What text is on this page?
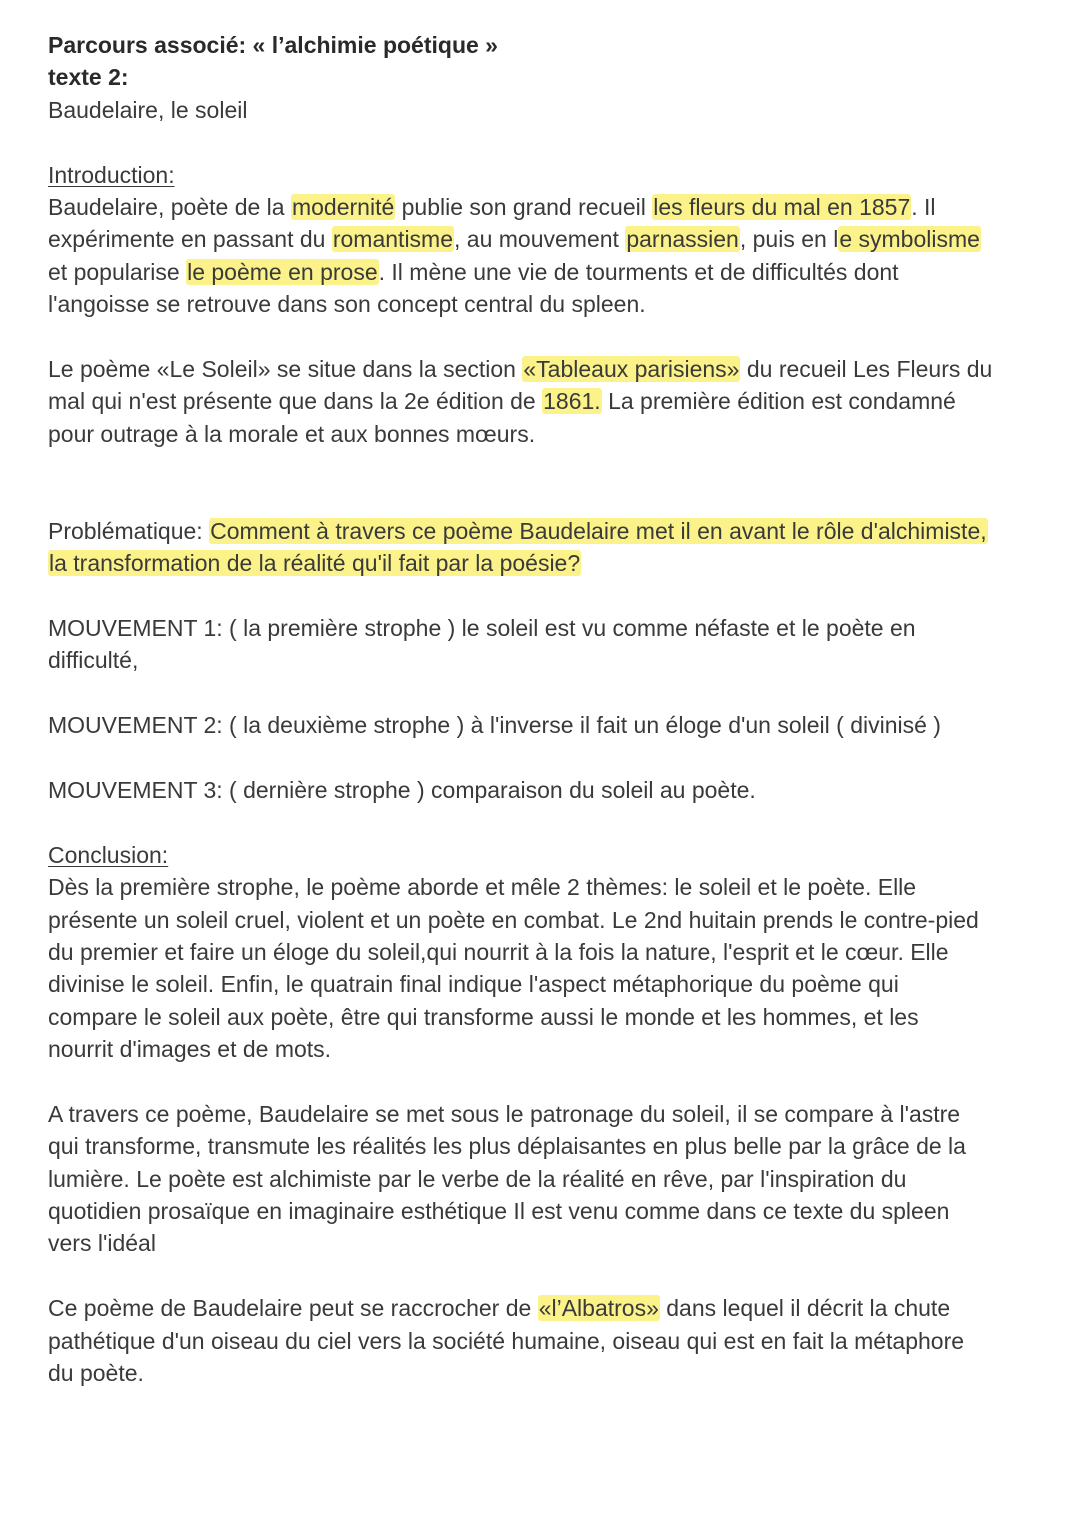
Parcours associé: « l’alchimie poétique »
texte 2:
Baudelaire, le soleil
Introduction:
Baudelaire, poète de la modernité publie son grand recueil les fleurs du mal en 1857. Il
expérimente en passant du romantisme, au mouvement parnassien, puis en le symbolisme
et popularise le poème en prose. Il mène une vie de tourments et de difficultés dont
l'angoisse se retrouve dans son concept central du spleen.
Le poème «Le Soleil» se situe dans la section «Tableaux parisiens» du recueil Les Fleurs du
mal qui n'est présente que dans la 2e édition de 1861. La première édition est condamné
pour outrage à la morale et aux bonnes mœurs.
Problématique: Comment à travers ce poème Baudelaire met il en avant le rôle d'alchimiste,
la transformation de la réalité qu'il fait par la poésie?
MOUVEMENT 1: ( la première strophe ) le soleil est vu comme néfaste et le poète en
difficulté,
MOUVEMENT 2: ( la deuxième strophe ) à l'inverse il fait un éloge d'un soleil ( divinisé )
MOUVEMENT 3: ( dernière strophe ) comparaison du soleil au poète.
Conclusion:
Dès la première strophe, le poème aborde et mêle 2 thèmes: le soleil et le poète. Elle
présente un soleil cruel, violent et un poète en combat. Le 2nd huitain prends le contre-pied
du premier et faire un éloge du soleil,qui nourrit à la fois la nature, l'esprit et le cœur. Elle
divinise le soleil. Enfin, le quatrain final indique l'aspect métaphorique du poème qui
compare le soleil aux poète, être qui transforme aussi le monde et les hommes, et les
nourrit d'images et de mots.
A travers ce poème, Baudelaire se met sous le patronage du soleil, il se compare à l'astre
qui transforme, transmute les réalités les plus déplaisantes en plus belle par la grâce de la
lumière. Le poète est alchimiste par le verbe de la réalité en rêve, par l'inspiration du
quotidien prosaïque en imaginaire esthétique Il est venu comme dans ce texte du spleen
vers l'idéal
Ce poème de Baudelaire peut se raccrocher de «l’Albatros» dans lequel il décrit la chute
pathétique d'un oiseau du ciel vers la société humaine, oiseau qui est en fait la métaphore
du poète.
